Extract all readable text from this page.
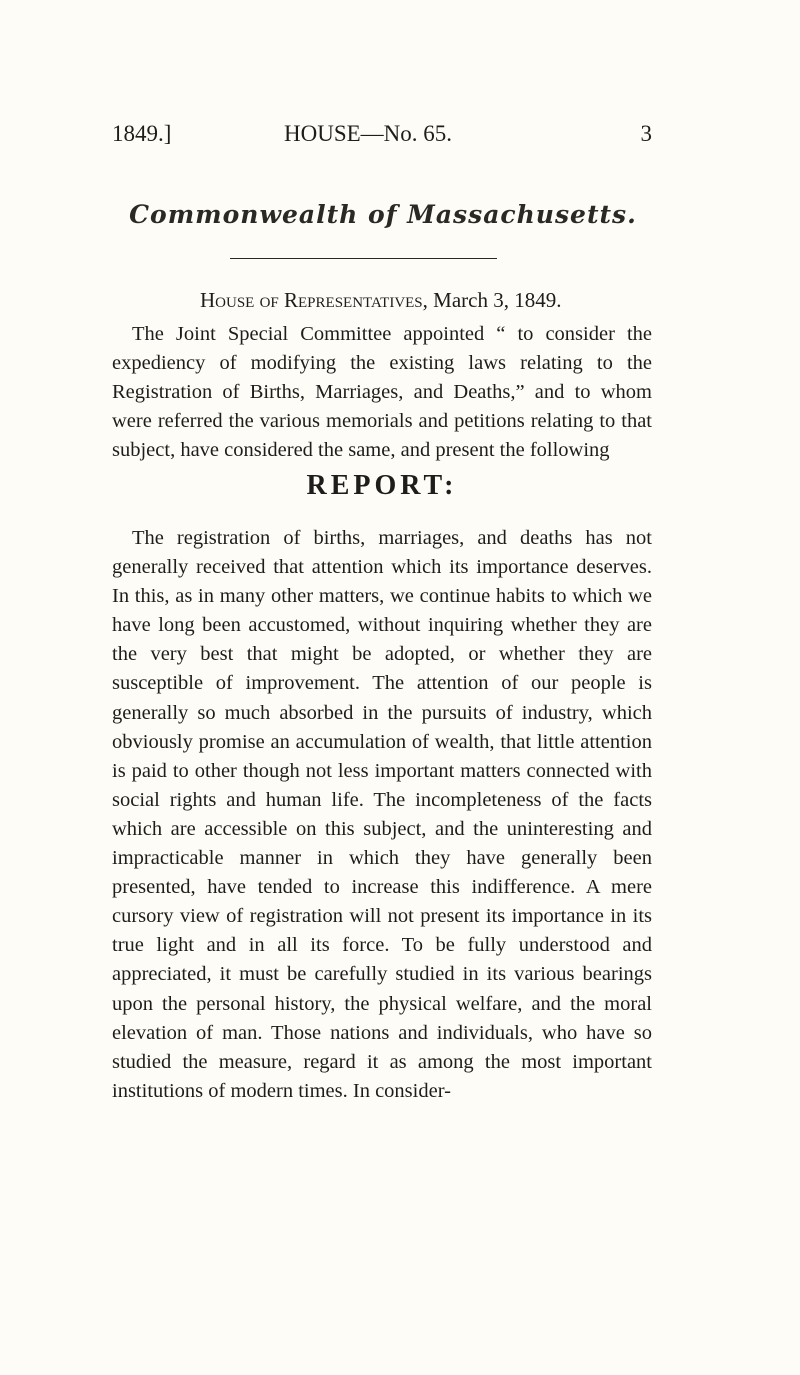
1849.]	HOUSE—No. 65.	3
Commonwealth of Massachusetts.
House of Representatives, March 3, 1849.

The Joint Special Committee appointed “ to consider the expediency of modifying the existing laws relating to the Registration of Births, Marriages, and Deaths,” and to whom were referred the various memorials and petitions relating to that subject, have considered the same, and present the following

REPORT:

The registration of births, marriages, and deaths has not generally received that attention which its importance deserves. In this, as in many other matters, we continue habits to which we have long been accustomed, without inquiring whether they are the very best that might be adopted, or whether they are susceptible of improvement. The attention of our people is generally so much absorbed in the pursuits of industry, which obviously promise an accumulation of wealth, that little attention is paid to other though not less important matters connected with social rights and human life. The incompleteness of the facts which are accessible on this subject, and the uninteresting and impracticable manner in which they have generally been presented, have tended to increase this indifference. A mere cursory view of registration will not present its importance in its true light and in all its force. To be fully understood and appreciated, it must be carefully studied in its various bearings upon the personal history, the physical welfare, and the moral elevation of man. Those nations and individuals, who have so studied the measure, regard it as among the most important institutions of modern times. In consider-
